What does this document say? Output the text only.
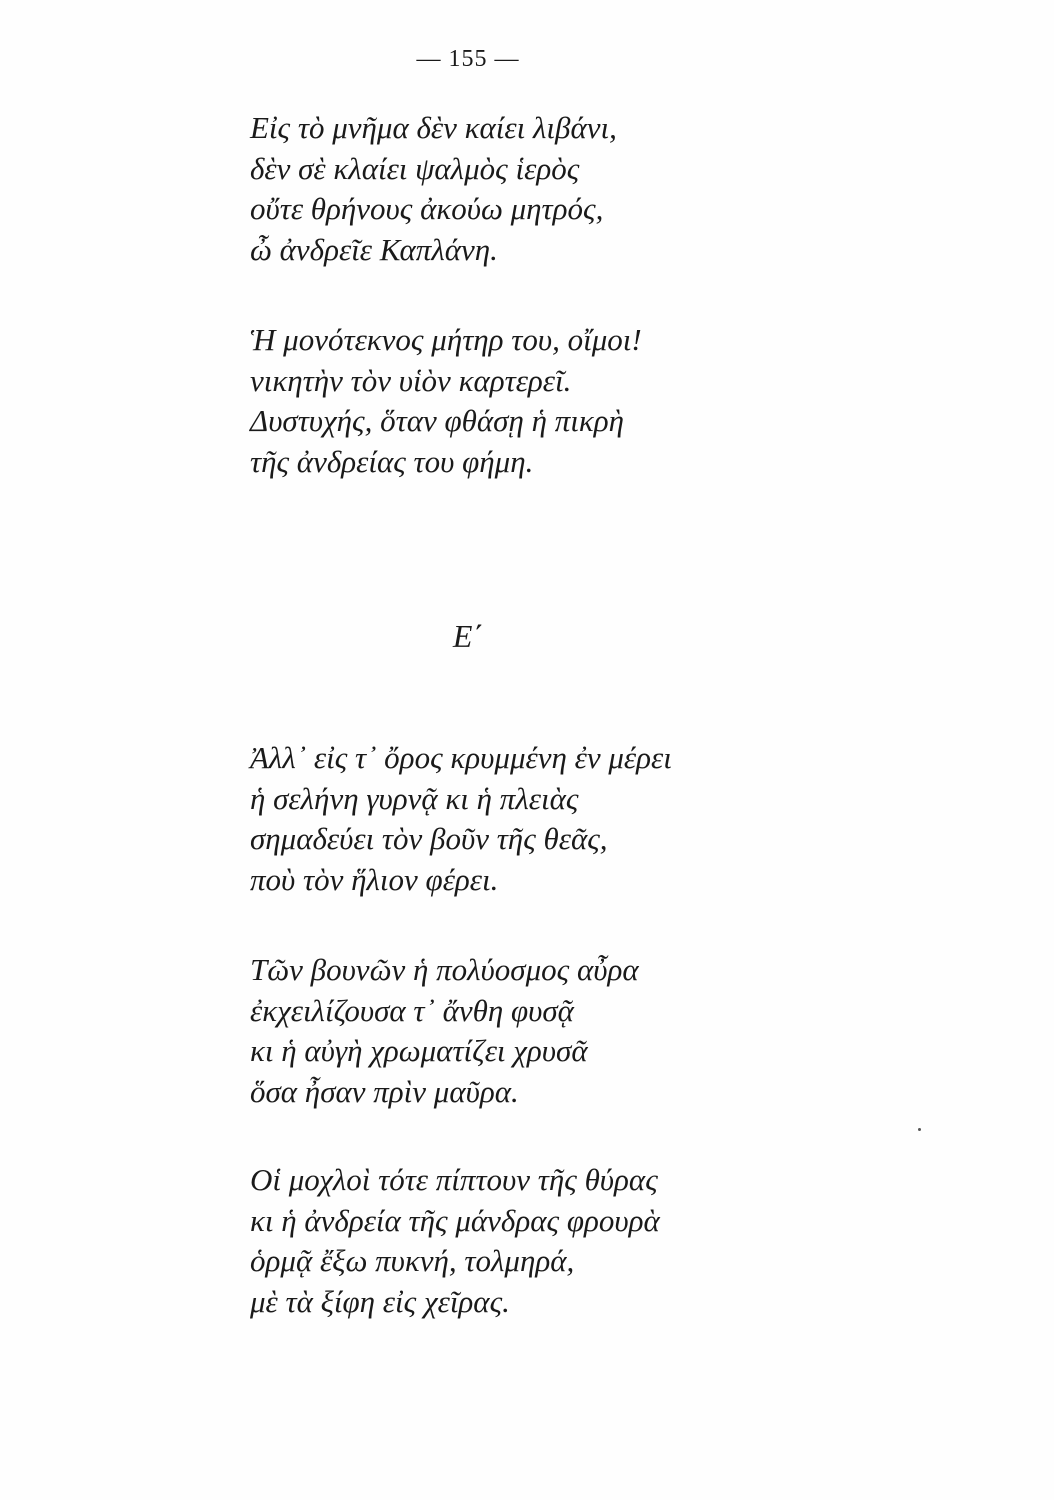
— 155 —
Εἰς τὸ μνῆμα δὲν καίει λιβάνι,
δὲν σὲ κλαίει ψαλμὸς ἱερὸς
οὔτε θρήνους ἀκούω μητρός,
ὦ ἀνδρεῖε Καπλάνη.
Ἡ μονότεκνος μήτηρ του, οἴμοι!
νικητὴν τὸν υἱὸν καρτερεῖ.
Δυστυχής, ὅταν φθάσῃ ἡ πικρὴ
τῆς ἀνδρείας του φήμη.
Ε΄
Ἀλλ᾽ εἰς τ᾽ ὄρος κρυμμένη ἐν μέρει
ἡ σελήνη γυρνᾷ κι ἡ πλειὰς
σημαδεύει τὸν βοῦν τῆς θεᾶς,
ποὺ τὸν ἥλιον φέρει.
Τῶν βουνῶν ἡ πολύοσμος αὖρα
ἐκχειλίζουσα τ᾽ ἄνθη φυσᾷ
κι ἡ αὐγὴ χρωματίζει χρυσᾶ
ὅσα ἦσαν πρὶν μαῦρα.
Οἱ μοχλοὶ τότε πίπτουν τῆς θύρας
κι ἡ ἀνδρεία τῆς μάνδρας φρουρὰ
ὁρμᾷ ἔξω πυκνή, τολμηρά,
μὲ τὰ ξίφη εἰς χεῖρας.
